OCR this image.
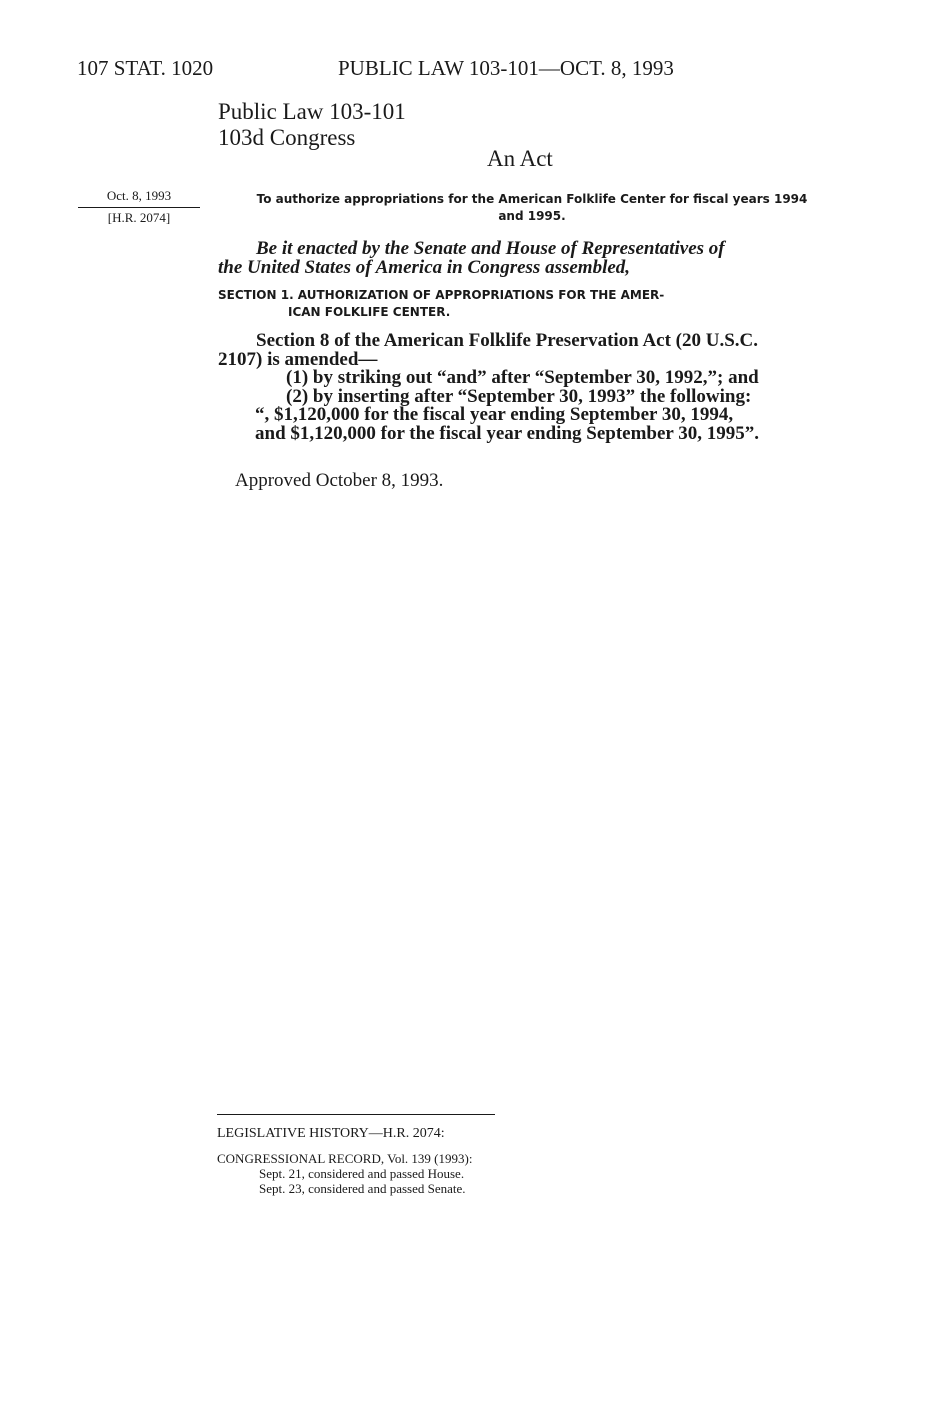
107 STAT. 1020	PUBLIC LAW 103-101—OCT. 8, 1993
Public Law 103-101
103d Congress
An Act
Oct. 8, 1993
[H.R. 2074]
To authorize appropriations for the American Folklife Center for fiscal years 1994
and 1995.
Be it enacted by the Senate and House of Representatives of
the United States of America in Congress assembled,
SECTION 1. AUTHORIZATION OF APPROPRIATIONS FOR THE AMER-
ICAN FOLKLIFE CENTER.
Section 8 of the American Folklife Preservation Act (20 U.S.C.
2107) is amended—
(1) by striking out “and” after “September 30, 1992,”; and
(2) by inserting after “September 30, 1993” the following:
“, $1,120,000 for the fiscal year ending September 30, 1994,
and $1,120,000 for the fiscal year ending September 30, 1995”.
Approved October 8, 1993.
LEGISLATIVE HISTORY—H.R. 2074:
CONGRESSIONAL RECORD, Vol. 139 (1993):
Sept. 21, considered and passed House.
Sept. 23, considered and passed Senate.
